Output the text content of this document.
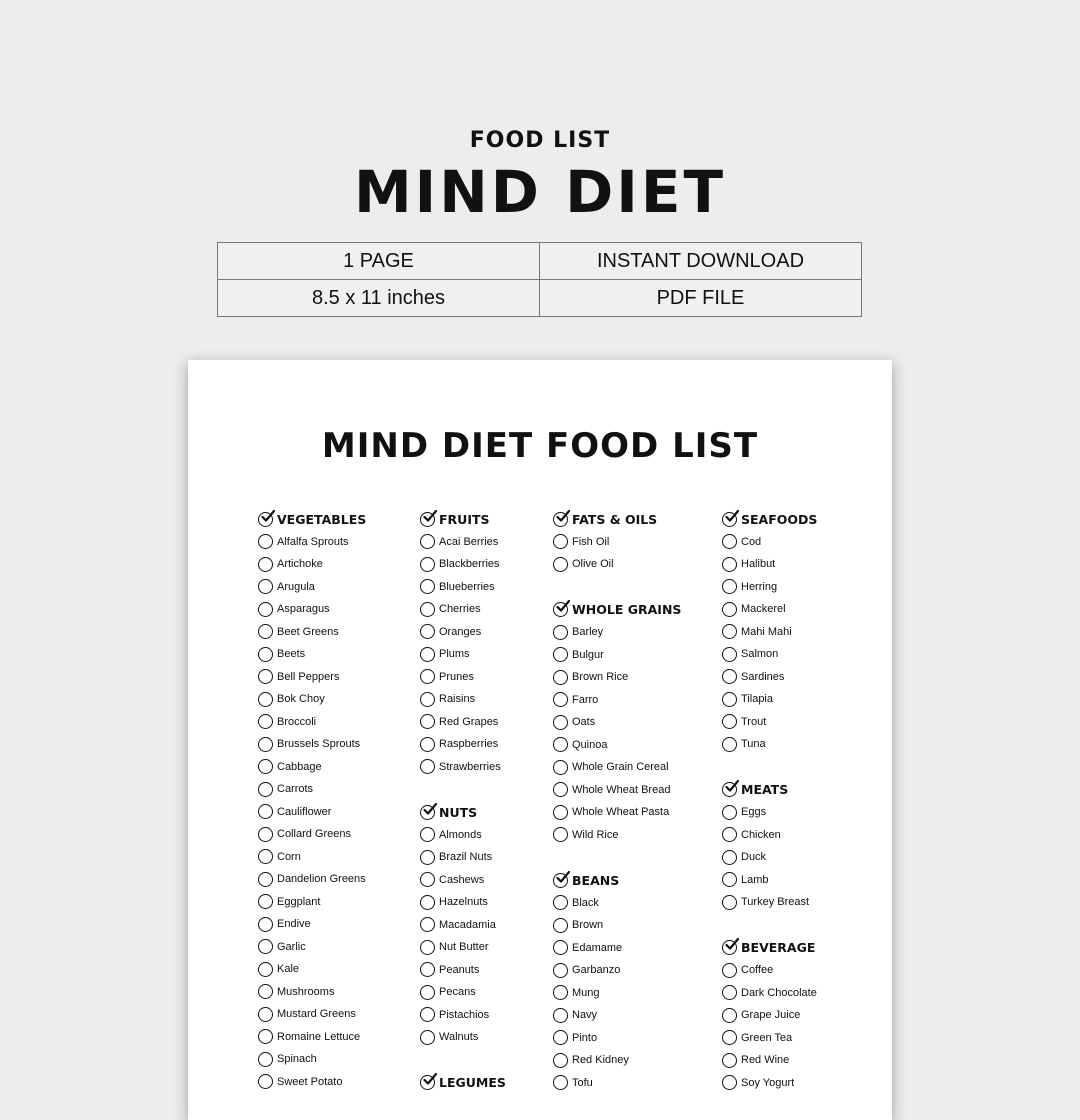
FOOD LIST
MIND DIET
1 PAGE	INSTANT DOWNLOAD
8.5 x 11 inches	PDF FILE
MIND DIET FOOD LIST
VEGETABLES
Alfalfa Sprouts
Artichoke
Arugula
Asparagus
Beet Greens
Beets
Bell Peppers
Bok Choy
Broccoli
Brussels Sprouts
Cabbage
Carrots
Cauliflower
Collard Greens
Corn
Dandelion Greens
Eggplant
Endive
Garlic
Kale
Mushrooms
Mustard Greens
Romaine Lettuce
Spinach
Sweet Potato
FRUITS
Acai Berries
Blackberries
Blueberries
Cherries
Oranges
Plums
Prunes
Raisins
Red Grapes
Raspberries
Strawberries
NUTS
Almonds
Brazil Nuts
Cashews
Hazelnuts
Macadamia
Nut Butter
Peanuts
Pecans
Pistachios
Walnuts
LEGUMES
FATS & OILS
Fish Oil
Olive Oil
WHOLE GRAINS
Barley
Bulgur
Brown Rice
Farro
Oats
Quinoa
Whole Grain Cereal
Whole Wheat Bread
Whole Wheat Pasta
Wild Rice
BEANS
Black
Brown
Edamame
Garbanzo
Mung
Navy
Pinto
Red Kidney
Tofu
SEAFOODS
Cod
Halibut
Herring
Mackerel
Mahi Mahi
Salmon
Sardines
Tilapia
Trout
Tuna
MEATS
Eggs
Chicken
Duck
Lamb
Turkey Breast
BEVERAGE
Coffee
Dark Chocolate
Grape Juice
Green Tea
Red Wine
Soy Yogurt
